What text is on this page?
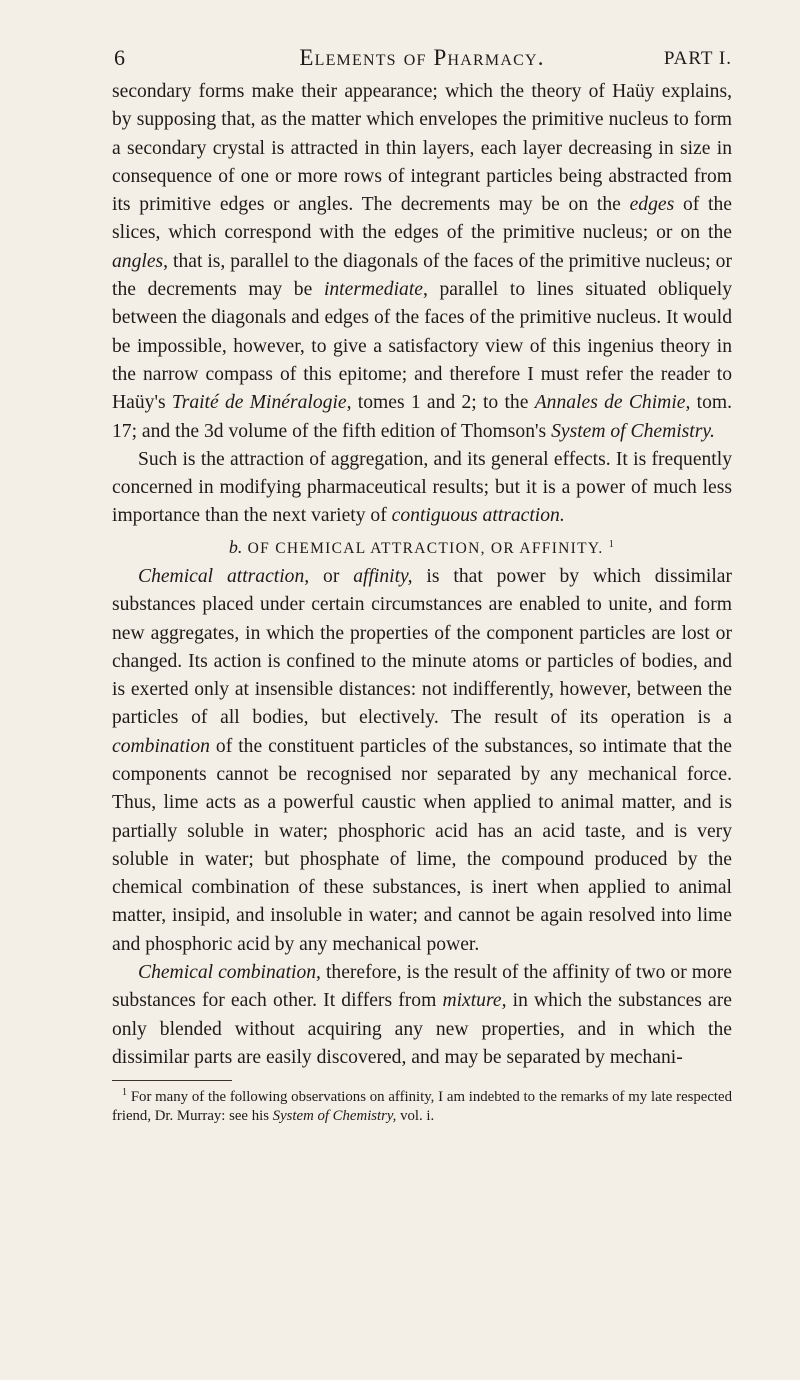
6	Elements of Pharmacy.	PART I.

secondary forms make their appearance; which the theory of Haüy explains, by supposing that, as the matter which envelopes the primitive nucleus to form a secondary crystal is attracted in thin layers, each layer decreasing in size in consequence of one or more rows of integrant particles being abstracted from its primitive edges or angles. The decrements may be on the edges of the slices, which correspond with the edges of the primitive nucleus; or on the angles, that is, parallel to the diagonals of the faces of the primitive nucleus; or the decrements may be intermediate, parallel to lines situated obliquely between the diagonals and edges of the faces of the primitive nucleus. It would be impossible, however, to give a satisfactory view of this ingenius theory in the narrow compass of this epitome; and therefore I must refer the reader to Haüy's Traité de Minéralogie, tomes 1 and 2; to the Annales de Chimie, tom. 17; and the 3d volume of the fifth edition of Thomson's System of Chemistry.

Such is the attraction of aggregation, and its general effects. It is frequently concerned in modifying pharmaceutical results; but it is a power of much less importance than the next variety of contiguous attraction.

b. OF CHEMICAL ATTRACTION, OR AFFINITY. $^1$

Chemical attraction, or affinity, is that power by which dissimilar substances placed under certain circumstances are enabled to unite, and form new aggregates, in which the properties of the component particles are lost or changed. Its action is confined to the minute atoms or particles of bodies, and is exerted only at insensible distances: not indifferently, however, between the particles of all bodies, but electively. The result of its operation is a combination of the constituent particles of the substances, so intimate that the components cannot be recognised nor separated by any mechanical force. Thus, lime acts as a powerful caustic when applied to animal matter, and is partially soluble in water; phosphoric acid has an acid taste, and is very soluble in water; but phosphate of lime, the compound produced by the chemical combination of these substances, is inert when applied to animal matter, insipid, and insoluble in water; and cannot be again resolved into lime and phosphoric acid by any mechanical power.

Chemical combination, therefore, is the result of the affinity of two or more substances for each other. It differs from mixture, in which the substances are only blended without acquiring any new properties, and in which the dissimilar parts are easily discovered, and may be separated by mechani-

$^1$ For many of the following observations on affinity, I am indebted to the remarks of my late respected friend, Dr. Murray: see his System of Chemistry, vol. i.
